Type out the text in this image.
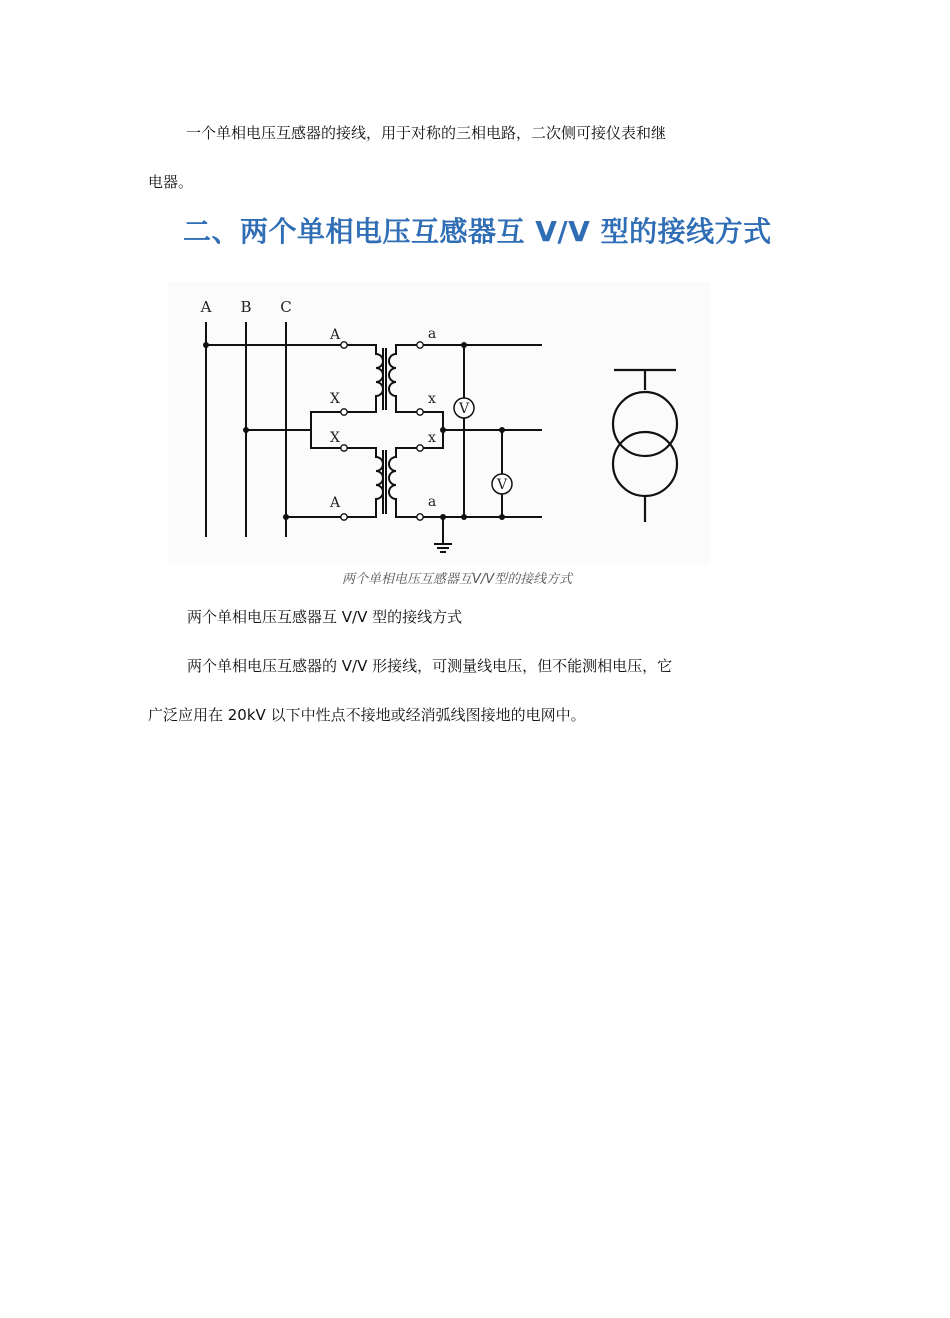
一个单相电压互感器的接线，用于对称的三相电路，二次侧可接仪表和继
电器。
二、两个单相电压互感器互 V/V 型的接线方式
V
V
A B C
A
X
X
A
a
x
x
a
两个单相电压互感器互V/V型的接线方式
两个单相电压互感器互 V/V 型的接线方式
两个单相电压互感器的 V/V 形接线，可测量线电压，但不能测相电压，它
广泛应用在 20kV 以下中性点不接地或经消弧线图接地的电网中。
